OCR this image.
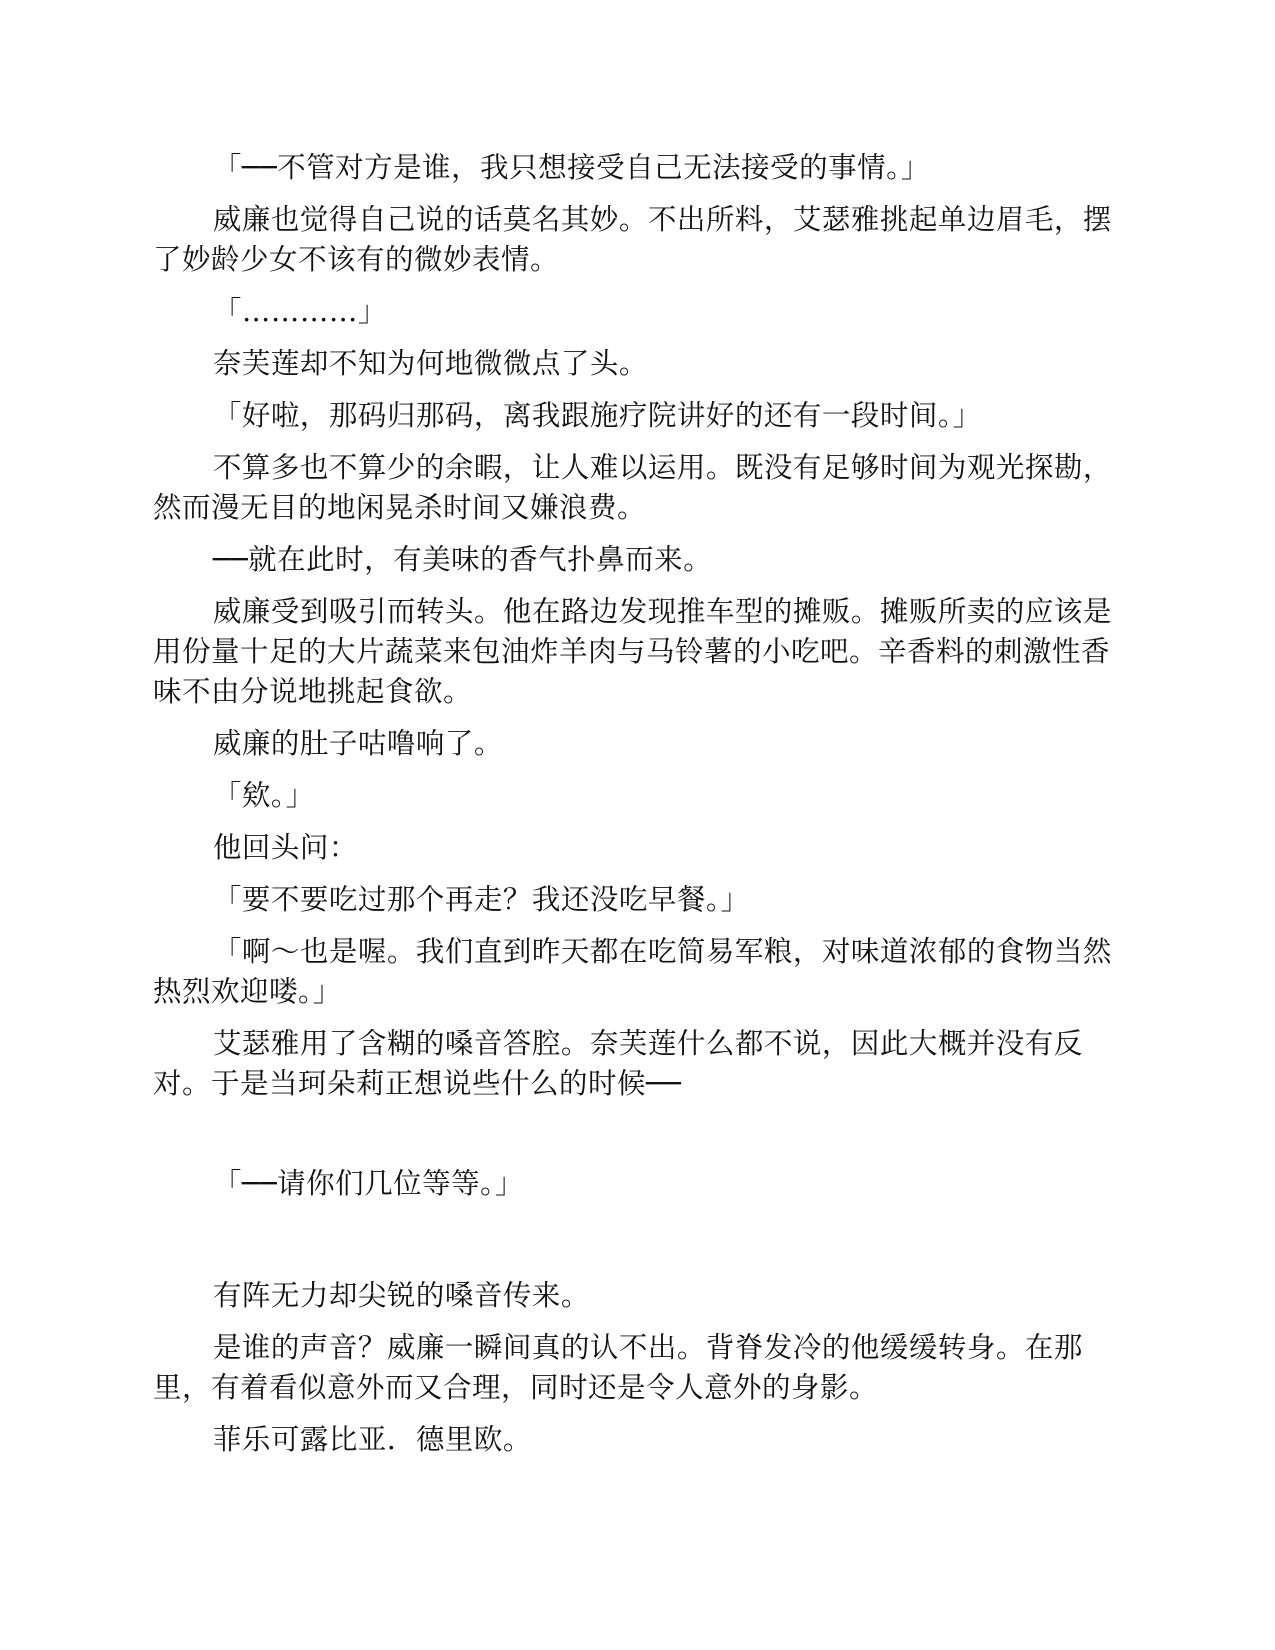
「──不管对方是谁，我只想接受自己无法接受的事情。」

威廉也觉得自己说的话莫名其妙。不出所料，艾瑟雅挑起单边眉毛，摆了妙龄少女不该有的微妙表情。

「…………」

奈芙莲却不知为何地微微点了头。

「好啦，那码归那码，离我跟施疗院讲好的还有一段时间。」

不算多也不算少的余暇，让人难以运用。既没有足够时间为观光探勘，然而漫无目的地闲晃杀时间又嫌浪费。

──就在此时，有美味的香气扑鼻而来。

威廉受到吸引而转头。他在路边发现推车型的摊贩。摊贩所卖的应该是用份量十足的大片蔬菜来包油炸羊肉与马铃薯的小吃吧。辛香料的刺激性香味不由分说地挑起食欲。

威廉的肚子咕噜响了。

「欸。」

他回头问：

「要不要吃过那个再走？我还没吃早餐。」

「啊～也是喔。我们直到昨天都在吃简易军粮，对味道浓郁的食物当然热烈欢迎喽。」

艾瑟雅用了含糊的嗓音答腔。奈芙莲什么都不说，因此大概并没有反对。于是当珂朵莉正想说些什么的时候──

「──请你们几位等等。」

有阵无力却尖锐的嗓音传来。

是谁的声音？威廉一瞬间真的认不出。背脊发冷的他缓缓转身。在那里，有着看似意外而又合理，同时还是令人意外的身影。

菲乐可露比亚．德里欧。
